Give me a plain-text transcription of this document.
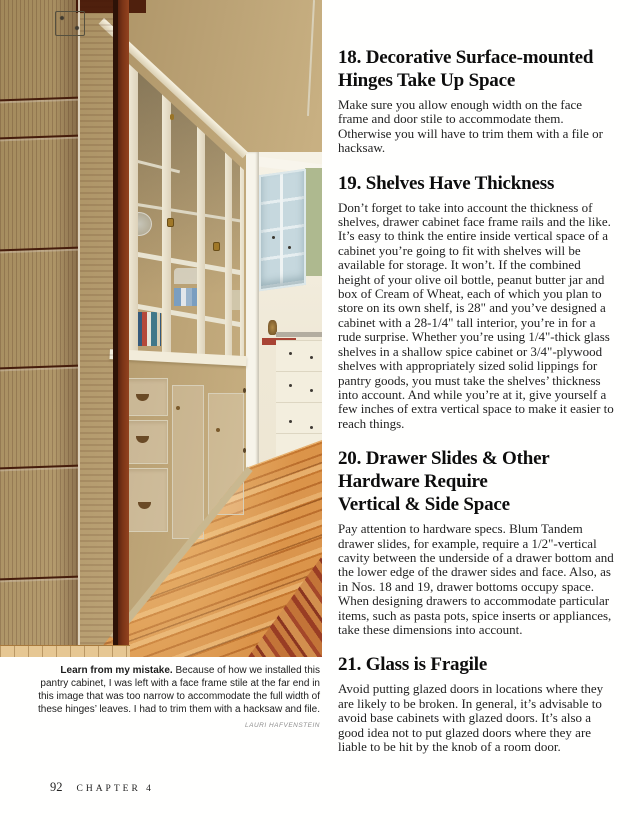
Learn from my mistake. Because of how we installed this pantry cabinet, I was left with a face frame stile at the far end in this image that was too narrow to accommodate the full width of these hinges’ leaves. I had to trim them with a hacksaw and file.
LAURI HAFVENSTEIN
18. Decorative Surface-mounted
Hinges Take Up Space

Make sure you allow enough width on the face frame and door stile to accommodate them. Otherwise you will have to trim them with a file or hacksaw.

19. Shelves Have Thickness

Don’t forget to take into account the thickness of shelves, drawer cabinet face frame rails and the like. It’s easy to think the entire inside vertical space of a cabinet you’re going to fit with shelves will be available for storage. It won’t. If the combined height of your olive oil bottle, peanut butter jar and box of Cream of Wheat, each of which you plan to store on its own shelf, is 28" and you’ve designed a cabinet with a 28-1/4" tall interior, you’re in for a rude surprise. Whether you’re using 1/4"-thick glass shelves in a shallow spice cabinet or 3/4"-plywood shelves with appropriately sized solid lippings for pantry goods, you must take the shelves’ thickness into account. And while you’re at it, give yourself a few inches of extra vertical space to make it easier to reach things.

20. Drawer Slides & Other
Hardware Require
Vertical & Side Space

Pay attention to hardware specs. Blum Tandem drawer slides, for example, require a 1/2"-vertical cavity between the underside of a drawer bottom and the lower edge of the drawer sides and face. Also, as in Nos. 18 and 19, drawer bottoms occupy space. When designing drawers to accommodate particular items, such as pasta pots, spice inserts or appliances, take these dimensions into account.

21. Glass is Fragile

Avoid putting glazed doors in locations where they are likely to be broken. In general, it’s advisable to avoid base cabinets with glazed doors. It’s also a good idea not to put glazed doors where they are liable to be hit by the knob of a room door.

92 CHAPTER 4
